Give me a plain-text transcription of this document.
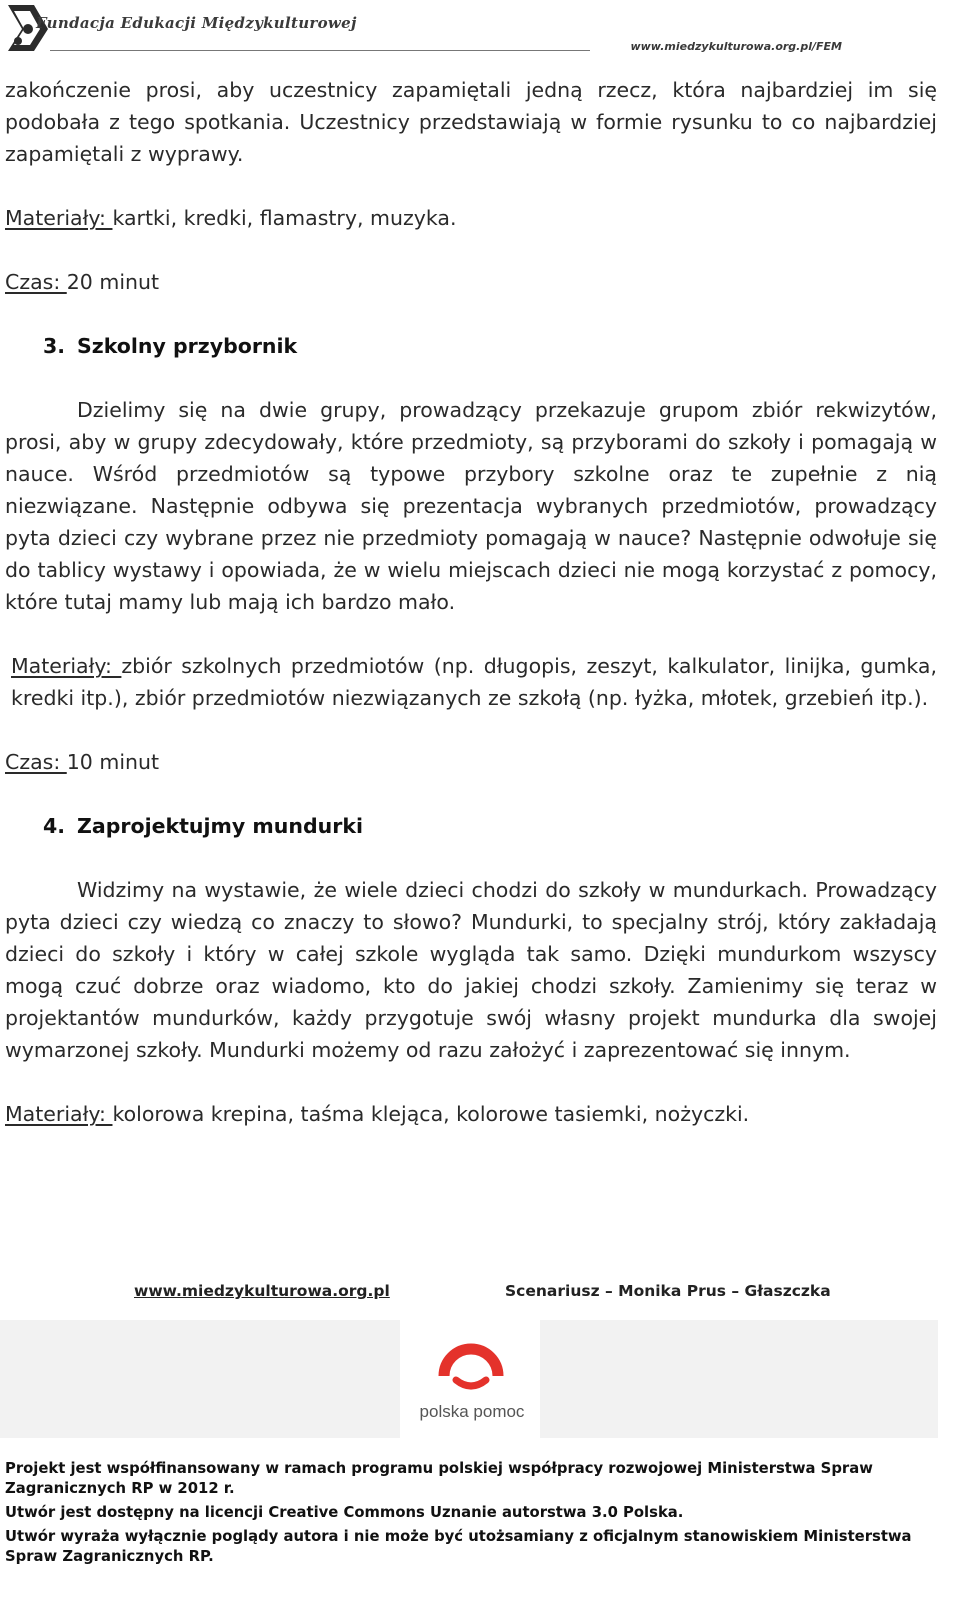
Fundacja Edukacji Międzykulturowej
www.miedzykulturowa.org.pl/FEM

zakończenie prosi, aby uczestnicy zapamiętali jedną rzecz, która najbardziej im się podobała z tego spotkania. Uczestnicy przedstawiają w formie rysunku to co najbardziej zapamiętali z wyprawy.

Materiały: kartki, kredki, flamastry, muzyka.

Czas: 20 minut

3. Szkolny przybornik

Dzielimy się na dwie grupy, prowadzący przekazuje grupom zbiór rekwizytów, prosi, aby w grupy zdecydowały, które przedmioty, są przyborami do szkoły i pomagają w nauce. Wśród przedmiotów są typowe przybory szkolne oraz te zupełnie z nią niezwiązane. Następnie odbywa się prezentacja wybranych przedmiotów, prowadzący pyta dzieci czy wybrane przez nie przedmioty pomagają w nauce? Następnie odwołuje się do tablicy wystawy i opowiada, że w wielu miejscach dzieci nie mogą korzystać z pomocy, które tutaj mamy lub mają ich bardzo mało.

Materiały: zbiór szkolnych przedmiotów (np. długopis, zeszyt, kalkulator, linijka, gumka, kredki itp.), zbiór przedmiotów niezwiązanych ze szkołą (np. łyżka, młotek, grzebień itp.).

Czas: 10 minut

4. Zaprojektujmy mundurki

Widzimy na wystawie, że wiele dzieci chodzi do szkoły w mundurkach. Prowadzący pyta dzieci czy wiedzą co znaczy to słowo? Mundurki, to specjalny strój, który zakładają dzieci do szkoły i który w całej szkole wygląda tak samo. Dzięki mundurkom wszyscy mogą czuć dobrze oraz wiadomo, kto do jakiej chodzi szkoły. Zamienimy się teraz w projektantów mundurków, każdy przygotuje swój własny projekt mundurka dla swojej wymarzonej szkoły. Mundurki możemy od razu założyć i zaprezentować się innym.

Materiały: kolorowa krepina, taśma klejąca, kolorowe tasiemki, nożyczki.

www.miedzykulturowa.org.pl	Scenariusz – Monika Prus – Głaszczka
polska pomoc

Projekt jest współfinansowany w ramach programu polskiej współpracy rozwojowej Ministerstwa Spraw Zagranicznych RP w 2012 r.

Utwór jest dostępny na licencji Creative Commons Uznanie autorstwa 3.0 Polska.

Utwór wyraża wyłącznie poglądy autora i nie może być utożsamiany z oficjalnym stanowiskiem Ministerstwa Spraw Zagranicznych RP.
